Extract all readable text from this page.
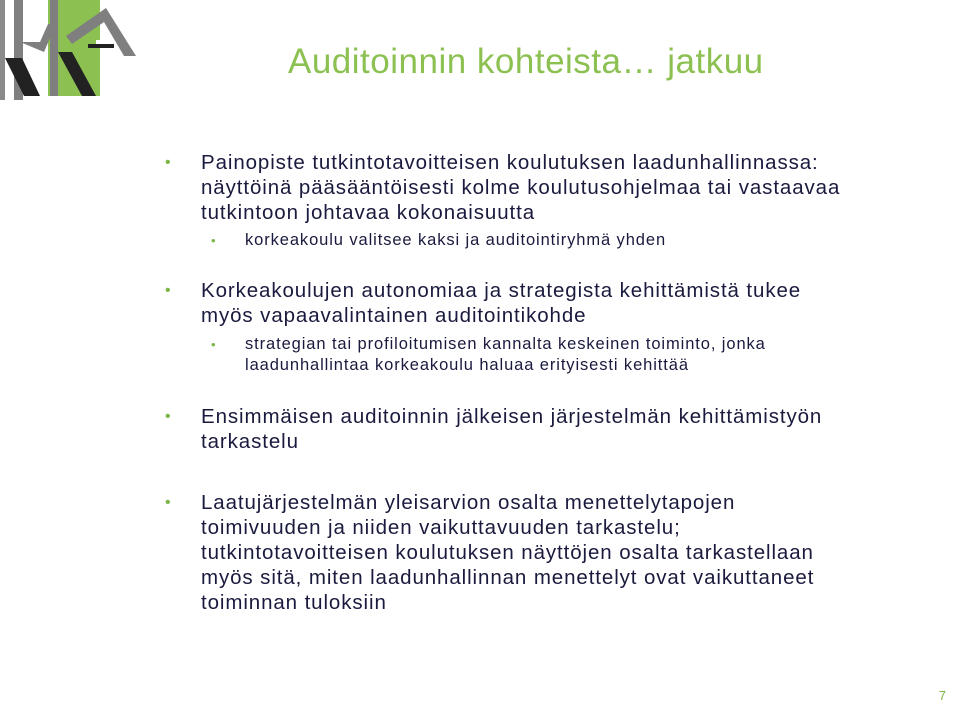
Auditoinnin kohteista… jatkuu
• Painopiste tutkintotavoitteisen koulutuksen laadunhallinnassa:
näyttöinä pääsääntöisesti kolme koulutusohjelmaa tai vastaavaa
tutkintoon johtavaa kokonaisuutta
• korkeakoulu valitsee kaksi ja auditointiryhmä yhden
• Korkeakoulujen autonomiaa ja strategista kehittämistä tukee
myös vapaavalintainen auditointikohde
• strategian tai profiloitumisen kannalta keskeinen toiminto, jonka
laadunhallintaa korkeakoulu haluaa erityisesti kehittää
• Ensimmäisen auditoinnin jälkeisen järjestelmän kehittämistyön
tarkastelu
• Laatujärjestelmän yleisarvion osalta menettelytapojen
toimivuuden ja niiden vaikuttavuuden tarkastelu;
tutkintotavoitteisen koulutuksen näyttöjen osalta tarkastellaan
myös sitä, miten laadunhallinnan menettelyt ovat vaikuttaneet
toiminnan tuloksiin
7
